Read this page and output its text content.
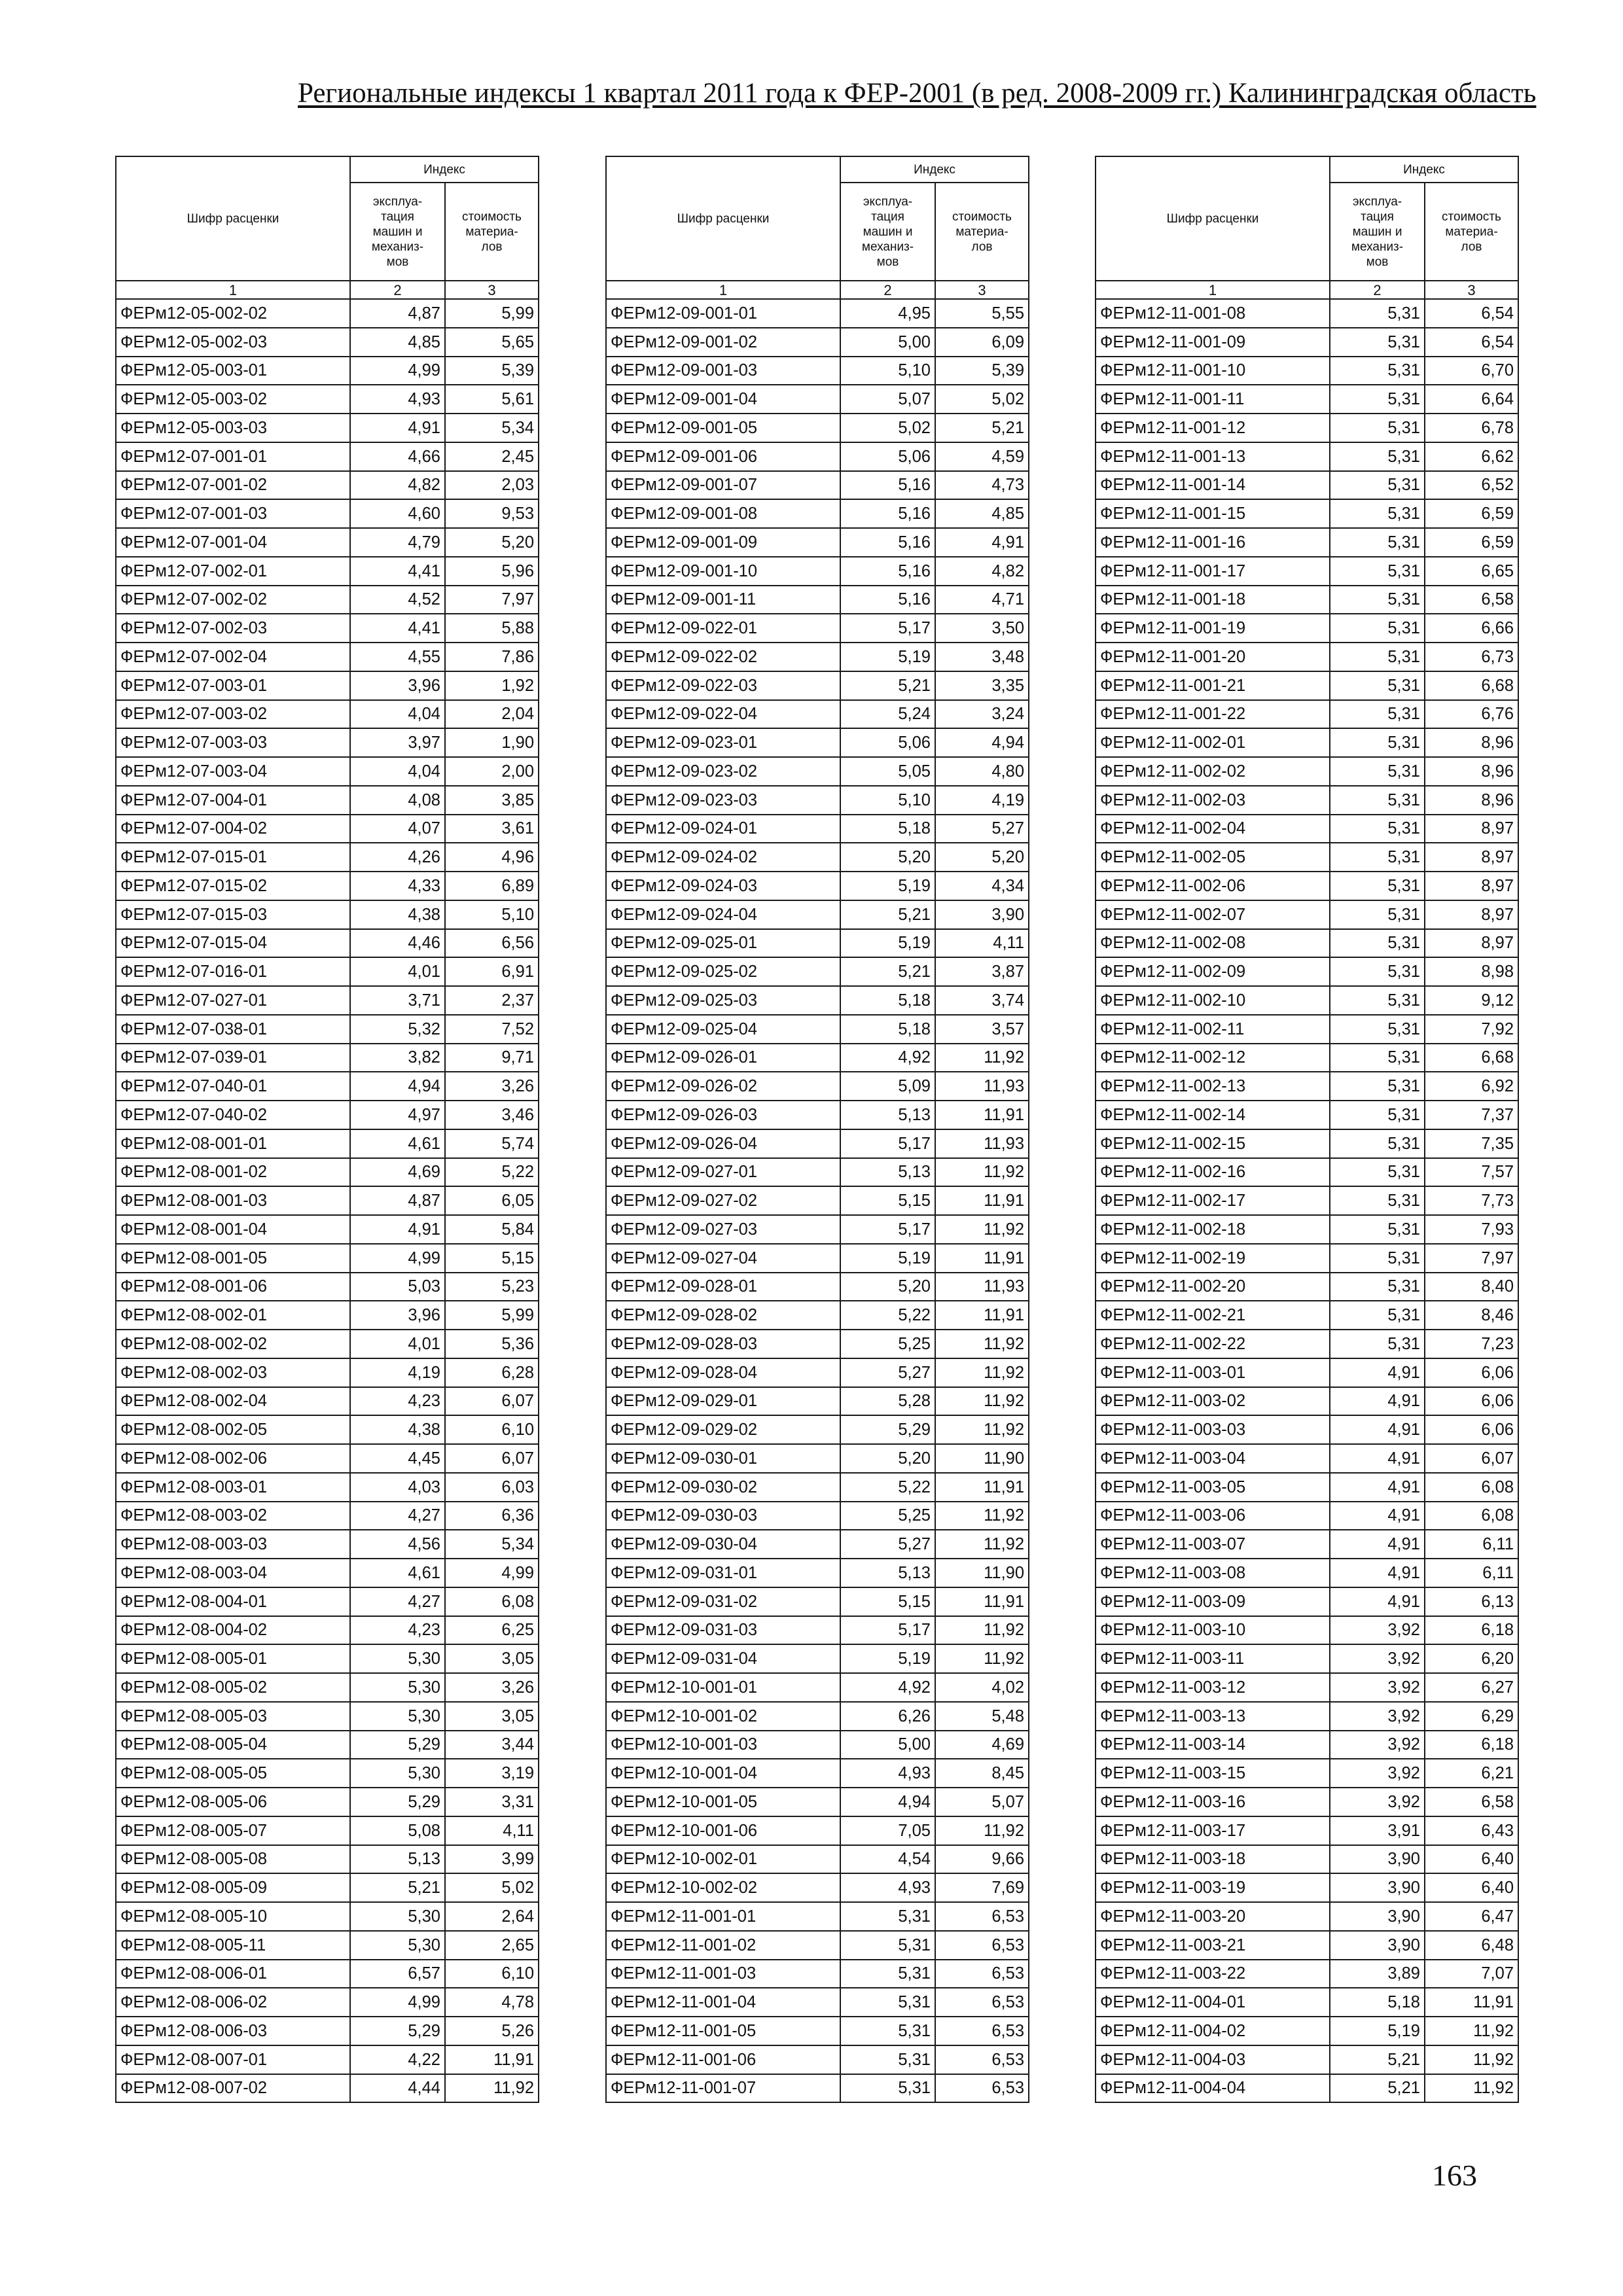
Региональные индексы 1 квартал 2011 года к ФЕР-2001 (в ред. 2008-2009 гг.) Калининградская область
Шифр расценки	Индекс	
	эксплуа-
тация
машин и
механиз-
мов	стоимость
материа-
лов
1	2	3
ФЕРм12-05-002-02	4,87	5,99
ФЕРм12-05-002-03	4,85	5,65
ФЕРм12-05-003-01	4,99	5,39
ФЕРм12-05-003-02	4,93	5,61
ФЕРм12-05-003-03	4,91	5,34
ФЕРм12-07-001-01	4,66	2,45
ФЕРм12-07-001-02	4,82	2,03
ФЕРм12-07-001-03	4,60	9,53
ФЕРм12-07-001-04	4,79	5,20
ФЕРм12-07-002-01	4,41	5,96
ФЕРм12-07-002-02	4,52	7,97
ФЕРм12-07-002-03	4,41	5,88
ФЕРм12-07-002-04	4,55	7,86
ФЕРм12-07-003-01	3,96	1,92
ФЕРм12-07-003-02	4,04	2,04
ФЕРм12-07-003-03	3,97	1,90
ФЕРм12-07-003-04	4,04	2,00
ФЕРм12-07-004-01	4,08	3,85
ФЕРм12-07-004-02	4,07	3,61
ФЕРм12-07-015-01	4,26	4,96
ФЕРм12-07-015-02	4,33	6,89
ФЕРм12-07-015-03	4,38	5,10
ФЕРм12-07-015-04	4,46	6,56
ФЕРм12-07-016-01	4,01	6,91
ФЕРм12-07-027-01	3,71	2,37
ФЕРм12-07-038-01	5,32	7,52
ФЕРм12-07-039-01	3,82	9,71
ФЕРм12-07-040-01	4,94	3,26
ФЕРм12-07-040-02	4,97	3,46
ФЕРм12-08-001-01	4,61	5,74
ФЕРм12-08-001-02	4,69	5,22
ФЕРм12-08-001-03	4,87	6,05
ФЕРм12-08-001-04	4,91	5,84
ФЕРм12-08-001-05	4,99	5,15
ФЕРм12-08-001-06	5,03	5,23
ФЕРм12-08-002-01	3,96	5,99
ФЕРм12-08-002-02	4,01	5,36
ФЕРм12-08-002-03	4,19	6,28
ФЕРм12-08-002-04	4,23	6,07
ФЕРм12-08-002-05	4,38	6,10
ФЕРм12-08-002-06	4,45	6,07
ФЕРм12-08-003-01	4,03	6,03
ФЕРм12-08-003-02	4,27	6,36
ФЕРм12-08-003-03	4,56	5,34
ФЕРм12-08-003-04	4,61	4,99
ФЕРм12-08-004-01	4,27	6,08
ФЕРм12-08-004-02	4,23	6,25
ФЕРм12-08-005-01	5,30	3,05
ФЕРм12-08-005-02	5,30	3,26
ФЕРм12-08-005-03	5,30	3,05
ФЕРм12-08-005-04	5,29	3,44
ФЕРм12-08-005-05	5,30	3,19
ФЕРм12-08-005-06	5,29	3,31
ФЕРм12-08-005-07	5,08	4,11
ФЕРм12-08-005-08	5,13	3,99
ФЕРм12-08-005-09	5,21	5,02
ФЕРм12-08-005-10	5,30	2,64
ФЕРм12-08-005-11	5,30	2,65
ФЕРм12-08-006-01	6,57	6,10
ФЕРм12-08-006-02	4,99	4,78
ФЕРм12-08-006-03	5,29	5,26
ФЕРм12-08-007-01	4,22	11,91
ФЕРм12-08-007-02	4,44	11,92
Шифр расценки	Индекс	
	эксплуа-
тация
машин и
механиз-
мов	стоимость
материа-
лов
1	2	3
ФЕРм12-09-001-01	4,95	5,55
ФЕРм12-09-001-02	5,00	6,09
ФЕРм12-09-001-03	5,10	5,39
ФЕРм12-09-001-04	5,07	5,02
ФЕРм12-09-001-05	5,02	5,21
ФЕРм12-09-001-06	5,06	4,59
ФЕРм12-09-001-07	5,16	4,73
ФЕРм12-09-001-08	5,16	4,85
ФЕРм12-09-001-09	5,16	4,91
ФЕРм12-09-001-10	5,16	4,82
ФЕРм12-09-001-11	5,16	4,71
ФЕРм12-09-022-01	5,17	3,50
ФЕРм12-09-022-02	5,19	3,48
ФЕРм12-09-022-03	5,21	3,35
ФЕРм12-09-022-04	5,24	3,24
ФЕРм12-09-023-01	5,06	4,94
ФЕРм12-09-023-02	5,05	4,80
ФЕРм12-09-023-03	5,10	4,19
ФЕРм12-09-024-01	5,18	5,27
ФЕРм12-09-024-02	5,20	5,20
ФЕРм12-09-024-03	5,19	4,34
ФЕРм12-09-024-04	5,21	3,90
ФЕРм12-09-025-01	5,19	4,11
ФЕРм12-09-025-02	5,21	3,87
ФЕРм12-09-025-03	5,18	3,74
ФЕРм12-09-025-04	5,18	3,57
ФЕРм12-09-026-01	4,92	11,92
ФЕРм12-09-026-02	5,09	11,93
ФЕРм12-09-026-03	5,13	11,91
ФЕРм12-09-026-04	5,17	11,93
ФЕРм12-09-027-01	5,13	11,92
ФЕРм12-09-027-02	5,15	11,91
ФЕРм12-09-027-03	5,17	11,92
ФЕРм12-09-027-04	5,19	11,91
ФЕРм12-09-028-01	5,20	11,93
ФЕРм12-09-028-02	5,22	11,91
ФЕРм12-09-028-03	5,25	11,92
ФЕРм12-09-028-04	5,27	11,92
ФЕРм12-09-029-01	5,28	11,92
ФЕРм12-09-029-02	5,29	11,92
ФЕРм12-09-030-01	5,20	11,90
ФЕРм12-09-030-02	5,22	11,91
ФЕРм12-09-030-03	5,25	11,92
ФЕРм12-09-030-04	5,27	11,92
ФЕРм12-09-031-01	5,13	11,90
ФЕРм12-09-031-02	5,15	11,91
ФЕРм12-09-031-03	5,17	11,92
ФЕРм12-09-031-04	5,19	11,92
ФЕРм12-10-001-01	4,92	4,02
ФЕРм12-10-001-02	6,26	5,48
ФЕРм12-10-001-03	5,00	4,69
ФЕРм12-10-001-04	4,93	8,45
ФЕРм12-10-001-05	4,94	5,07
ФЕРм12-10-001-06	7,05	11,92
ФЕРм12-10-002-01	4,54	9,66
ФЕРм12-10-002-02	4,93	7,69
ФЕРм12-11-001-01	5,31	6,53
ФЕРм12-11-001-02	5,31	6,53
ФЕРм12-11-001-03	5,31	6,53
ФЕРм12-11-001-04	5,31	6,53
ФЕРм12-11-001-05	5,31	6,53
ФЕРм12-11-001-06	5,31	6,53
ФЕРм12-11-001-07	5,31	6,53
Шифр расценки	Индекс	
	эксплуа-
тация
машин и
механиз-
мов	стоимость
материа-
лов
1	2	3
ФЕРм12-11-001-08	5,31	6,54
ФЕРм12-11-001-09	5,31	6,54
ФЕРм12-11-001-10	5,31	6,70
ФЕРм12-11-001-11	5,31	6,64
ФЕРм12-11-001-12	5,31	6,78
ФЕРм12-11-001-13	5,31	6,62
ФЕРм12-11-001-14	5,31	6,52
ФЕРм12-11-001-15	5,31	6,59
ФЕРм12-11-001-16	5,31	6,59
ФЕРм12-11-001-17	5,31	6,65
ФЕРм12-11-001-18	5,31	6,58
ФЕРм12-11-001-19	5,31	6,66
ФЕРм12-11-001-20	5,31	6,73
ФЕРм12-11-001-21	5,31	6,68
ФЕРм12-11-001-22	5,31	6,76
ФЕРм12-11-002-01	5,31	8,96
ФЕРм12-11-002-02	5,31	8,96
ФЕРм12-11-002-03	5,31	8,96
ФЕРм12-11-002-04	5,31	8,97
ФЕРм12-11-002-05	5,31	8,97
ФЕРм12-11-002-06	5,31	8,97
ФЕРм12-11-002-07	5,31	8,97
ФЕРм12-11-002-08	5,31	8,97
ФЕРм12-11-002-09	5,31	8,98
ФЕРм12-11-002-10	5,31	9,12
ФЕРм12-11-002-11	5,31	7,92
ФЕРм12-11-002-12	5,31	6,68
ФЕРм12-11-002-13	5,31	6,92
ФЕРм12-11-002-14	5,31	7,37
ФЕРм12-11-002-15	5,31	7,35
ФЕРм12-11-002-16	5,31	7,57
ФЕРм12-11-002-17	5,31	7,73
ФЕРм12-11-002-18	5,31	7,93
ФЕРм12-11-002-19	5,31	7,97
ФЕРм12-11-002-20	5,31	8,40
ФЕРм12-11-002-21	5,31	8,46
ФЕРм12-11-002-22	5,31	7,23
ФЕРм12-11-003-01	4,91	6,06
ФЕРм12-11-003-02	4,91	6,06
ФЕРм12-11-003-03	4,91	6,06
ФЕРм12-11-003-04	4,91	6,07
ФЕРм12-11-003-05	4,91	6,08
ФЕРм12-11-003-06	4,91	6,08
ФЕРм12-11-003-07	4,91	6,11
ФЕРм12-11-003-08	4,91	6,11
ФЕРм12-11-003-09	4,91	6,13
ФЕРм12-11-003-10	3,92	6,18
ФЕРм12-11-003-11	3,92	6,20
ФЕРм12-11-003-12	3,92	6,27
ФЕРм12-11-003-13	3,92	6,29
ФЕРм12-11-003-14	3,92	6,18
ФЕРм12-11-003-15	3,92	6,21
ФЕРм12-11-003-16	3,92	6,58
ФЕРм12-11-003-17	3,91	6,43
ФЕРм12-11-003-18	3,90	6,40
ФЕРм12-11-003-19	3,90	6,40
ФЕРм12-11-003-20	3,90	6,47
ФЕРм12-11-003-21	3,90	6,48
ФЕРм12-11-003-22	3,89	7,07
ФЕРм12-11-004-01	5,18	11,91
ФЕРм12-11-004-02	5,19	11,92
ФЕРм12-11-004-03	5,21	11,92
ФЕРм12-11-004-04	5,21	11,92
163
